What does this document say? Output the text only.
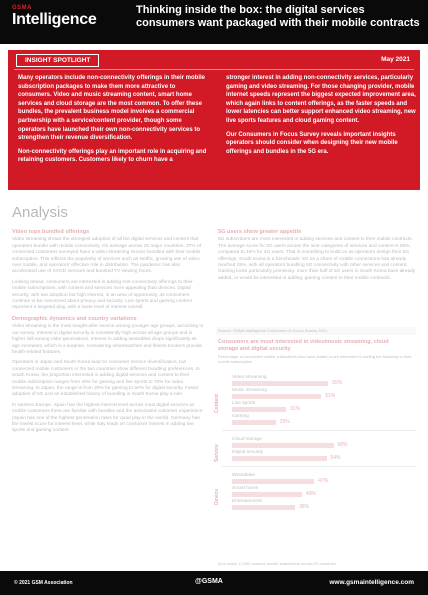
GSMA
Intelligence
Thinking inside the box: the digital services consumers want packaged with their mobile contracts
INSIGHT SPOTLIGHT	May 2021

Many operators include non-connectivity offerings in their mobile subscription packages to make them more attractive to consumers. Video and music streaming content, smart home services and cloud storage are the most common. To offer these bundles, the prevalent business model involves a commercial partnership with a service/content provider, though some operators have launched their own non-connectivity services to strengthen their revenue diversification.

Non-connectivity offerings play an important role in acquiring and retaining customers. Customers likely to churn have a

stronger interest in adding non-connectivity services, particularly gaming and video streaming. For those changing provider, mobile internet speeds represent the biggest expected improvement area, which again links to content offerings, as the faster speeds and lower latencies can better support enhanced video streaming, new live sports features and cloud gaming content.

Our Consumers in Focus Survey reveals important insights operators should consider when designing their new mobile offerings and bundles in the 5G era.

Analysis
Video tops bundled offerings

Video streaming shows the strongest adoption of all the digital services and content that operators bundle with mobile connectivity. On average across 20 major countries, 37% of connected customers surveyed have a video streaming service bundled with their mobile subscription. This reflects the popularity of services such as Netflix, growing use of video over mobile, and operators' effective role in distribution. The pandemic has also accelerated use of SVOD services and boosted TV viewing hours.

Looking ahead, consumers are interested in adding non-connectivity offerings to their mobile subscriptions, with content and services more appealing than devices. Digital security, with low adoption but high interest, is an area of opportunity, as consumers continue to be concerned about privacy and security. Live sports and gaming content represent a targeted play, with a lower level of interest overall.

Demographic dynamics and country variations

Video streaming is the most sought-after service among younger age groups, according to our survey. Interest in digital security is consistently high across all age groups and is higher still among older generations. Interest in adding wearables drops significantly as age increases, which is a surprise, considering smartwatches and fitness trackers provide health-related features.

Operators in Japan and South Korea lead on consumer service diversification, but connected mobile customers in the two countries show different bundling preferences. In South Korea, the proportion interested in adding digital services and content to their mobile subscription ranges from 40% for gaming and live sports to 70% for video streaming. In Japan, the range is from 20% for gaming to 50% for digital security. Faster adoption of 5G and an established history of bundling in South Korea play a role.

In western Europe, Spain has the highest interest level across most digital services as mobile customers there are familiar with bundles and the associated customer experience (Spain has one of the highest penetration rates for quad play in the world). Germany has the lowest score for interest level, while Italy leads on consumer interest in adding live sports and gaming content.

5G users show greater appetite

5G subscribers are more interested in adding services and content to their mobile contracts. The average score for 5G users across the nine categories of services and content is 55%, compared to 45% for 4G users. That is something to build on as operators design their 5G offerings. South Korea is a benchmark: 5G as a share of mobile connections has already reached 25%, with all operators bundling 5G connectivity with other services and content. Gaming looks particularly promising: more than half of 5G users in South Korea have already added, or would be interested in adding, gaming content to their mobile contracts.

Source: GSMA Intelligence Consumers in Focus Survey 2021
Consumers are most interested in video/music streaming, cloud storage and digital security
Percentage of connected mobile subscribers who have added or are interested in adding the following to their mobile subscription
At a nearly 12,000 connect mobile subscribers across 20 countries
Video streaming
55%
Music streaming
51%
Live sports
31%
Gaming
25%
Content
Cloud storage
58%
Digital security
54%
Service
Wearables
47%
Smart home
40%
Entertainment
36%
Device
© 2021 GSM Association	@GSMA	www.gsmaintelligence.com
